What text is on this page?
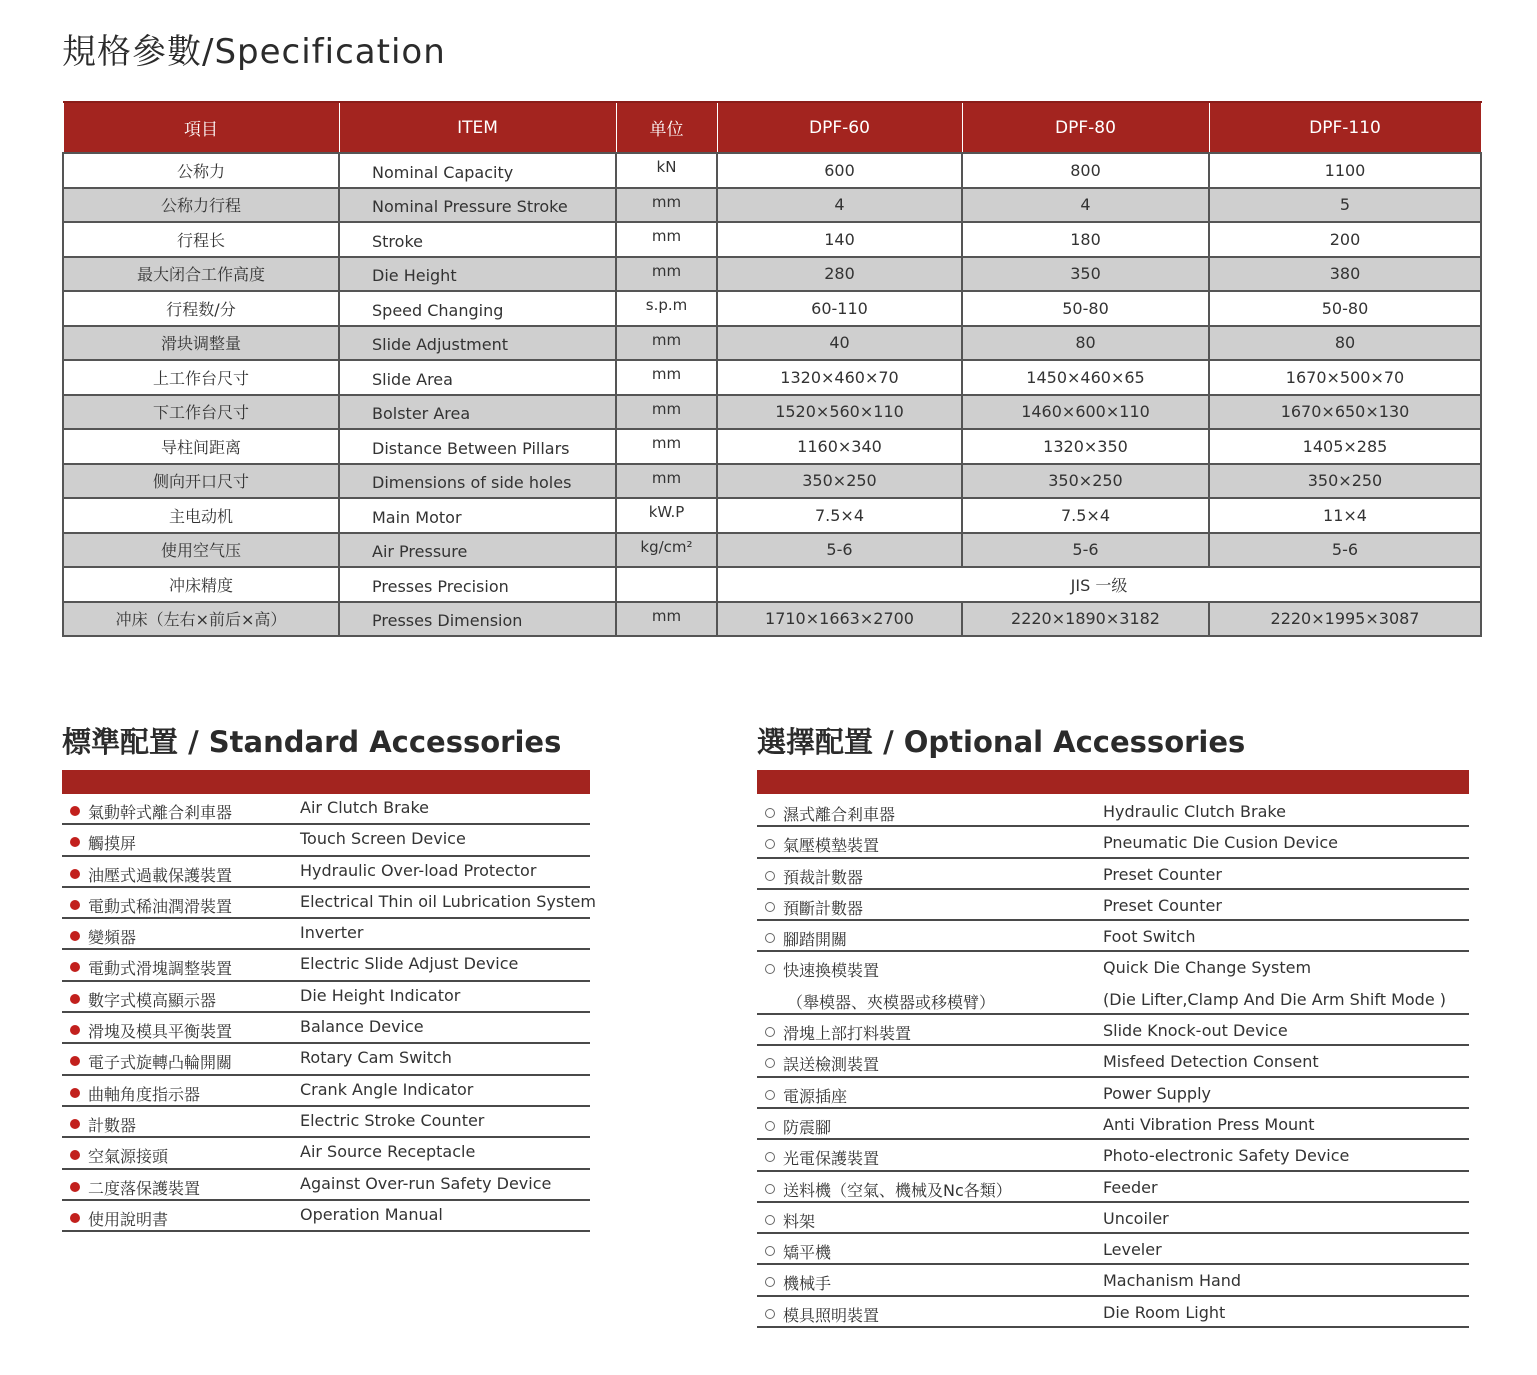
規格參數/Specification
項目	ITEM	单位	DPF-60	DPF-80	DPF-110
公称力	Nominal Capacity	kN	600	800	1100
公称力行程	Nominal Pressure Stroke	mm	4	4	5
行程长	Stroke	mm	140	180	200
最大闭合工作高度	Die Height	mm	280	350	380
行程数/分	Speed Changing	s.p.m	60-110	50-80	50-80
滑块调整量	Slide Adjustment	mm	40	80	80
上工作台尺寸	Slide Area	mm	1320×460×70	1450×460×65	1670×500×70
下工作台尺寸	Bolster Area	mm	1520×560×110	1460×600×110	1670×650×130
导柱间距离	Distance Between Pillars	mm	1160×340	1320×350	1405×285
侧向开口尺寸	Dimensions of side holes	mm	350×250	350×250	350×250
主电动机	Main Motor	kW.P	7.5×4	7.5×4	11×4
使用空气压	Air Pressure	kg/cm²	5-6	5-6	5-6
冲床精度	Presses Precision		JIS 一级		
冲床（左右×前后×高）	Presses Dimension	mm	1710×1663×2700	2220×1890×3182	2220×1995×3087
標準配置 / Standard Accessories
氣動幹式離合剎車器	Air Clutch Brake
觸摸屏	Touch Screen Device
油壓式過載保護裝置	Hydraulic Over-load Protector
電動式稀油潤滑裝置	Electrical Thin oil Lubrication System
變頻器	Inverter
電動式滑塊調整裝置	Electric Slide Adjust Device
數字式模高顯示器	Die Height Indicator
滑塊及模具平衡裝置	Balance Device
電子式旋轉凸輪開關	Rotary Cam Switch
曲軸角度指示器	Crank Angle Indicator
計數器	Electric Stroke Counter
空氣源接頭	Air Source Receptacle
二度落保護裝置	Against Over-run Safety Device
使用說明書	Operation Manual
選擇配置 / Optional Accessories
濕式離合剎車器	Hydraulic Clutch Brake
氣壓模墊裝置	Pneumatic Die Cusion Device
預裁計數器	Preset Counter
預斷計數器	Preset Counter
腳踏開關	Foot Switch
快速換模裝置	Quick Die Change System
（舉模器、夾模器或移模臂）	(Die Lifter,Clamp And Die Arm Shift Mode )
滑塊上部打料裝置	Slide Knock-out Device
誤送檢測裝置	Misfeed Detection Consent
電源插座	Power Supply
防震腳	Anti Vibration Press Mount
光電保護裝置	Photo-electronic Safety Device
送料機（空氣、機械及Nc各類）	Feeder
料架	Uncoiler
矯平機	Leveler
機械手	Machanism Hand
模具照明裝置	Die Room Light
